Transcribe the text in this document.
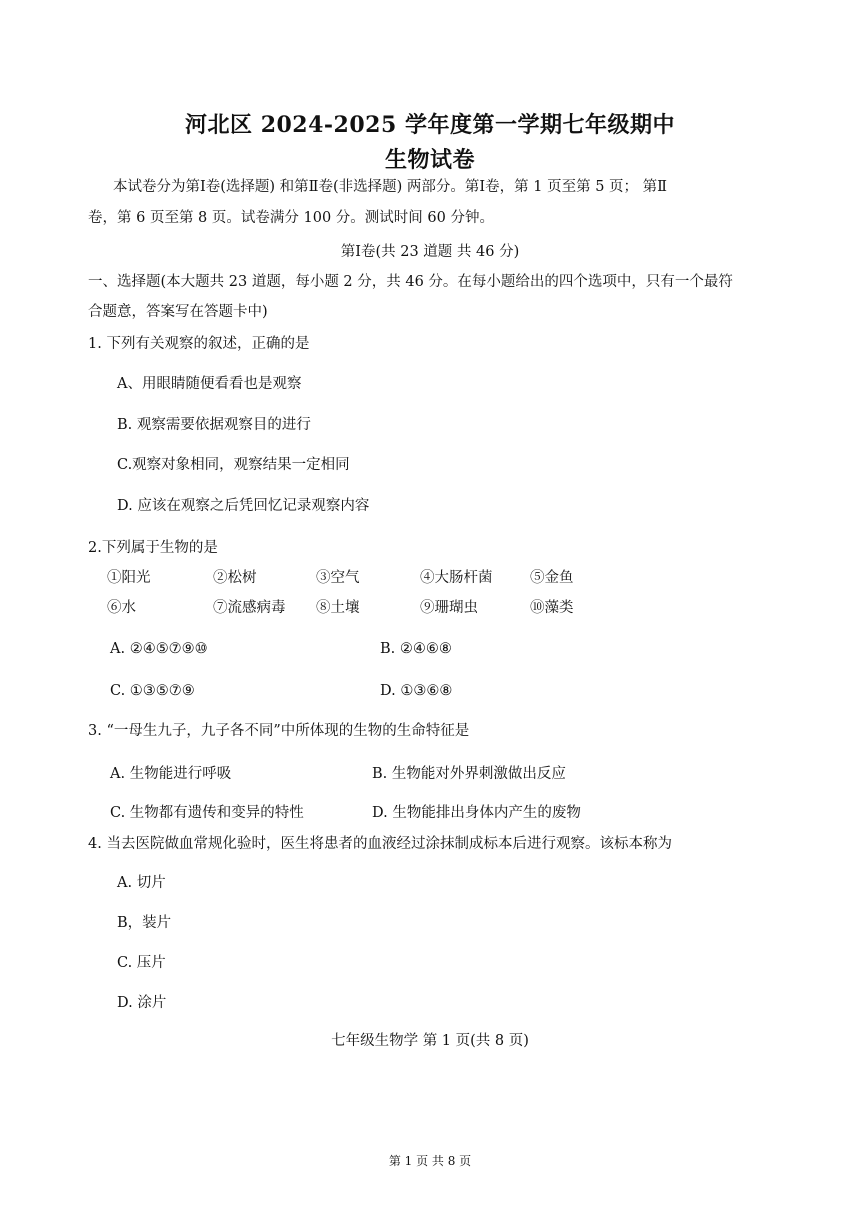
河北区 2024-2025 学年度第一学期七年级期中
生物试卷
本试卷分为第Ⅰ卷(选择题) 和第Ⅱ卷(非选择题) 两部分。第Ⅰ卷，第 1 页至第 5 页； 第Ⅱ
卷，第 6 页至第 8 页。试卷满分 100 分。测试时间 60 分钟。
第Ⅰ卷(共 23 道题 共 46 分)
一、选择题(本大题共 23 道题，每小题 2 分，共 46 分。在每小题给出的四个选项中，只有一个最符
合题意，答案写在答题卡中)
1. 下列有关观察的叙述，正确的是
A、用眼睛随便看看也是观察
B. 观察需要依据观察目的进行
C.观察对象相同，观察结果一定相同
D. 应该在观察之后凭回忆记录观察内容
2.下列属于生物的是
①阳光	②松树	③空气	④大肠杆菌	⑤金鱼
⑥水	⑦流感病毒 ⑧土壤	⑨珊瑚虫	⑩藻类
A. ②④⑤⑦⑨⑩	B. ②④⑥⑧
C. ①③⑤⑦⑨	D. ①③⑥⑧
3. “一母生九子，九子各不同”中所体现的生物的生命特征是
A. 生物能进行呼吸	B. 生物能对外界刺激做出反应
C. 生物都有遗传和变异的特性	D. 生物能排出身体内产生的废物
4. 当去医院做血常规化验时，医生将患者的血液经过涂抹制成标本后进行观察。该标本称为
A. 切片
B，装片
C. 压片
D. 涂片
七年级生物学 第 1 页(共 8 页)
第 1 页 共 8 页
